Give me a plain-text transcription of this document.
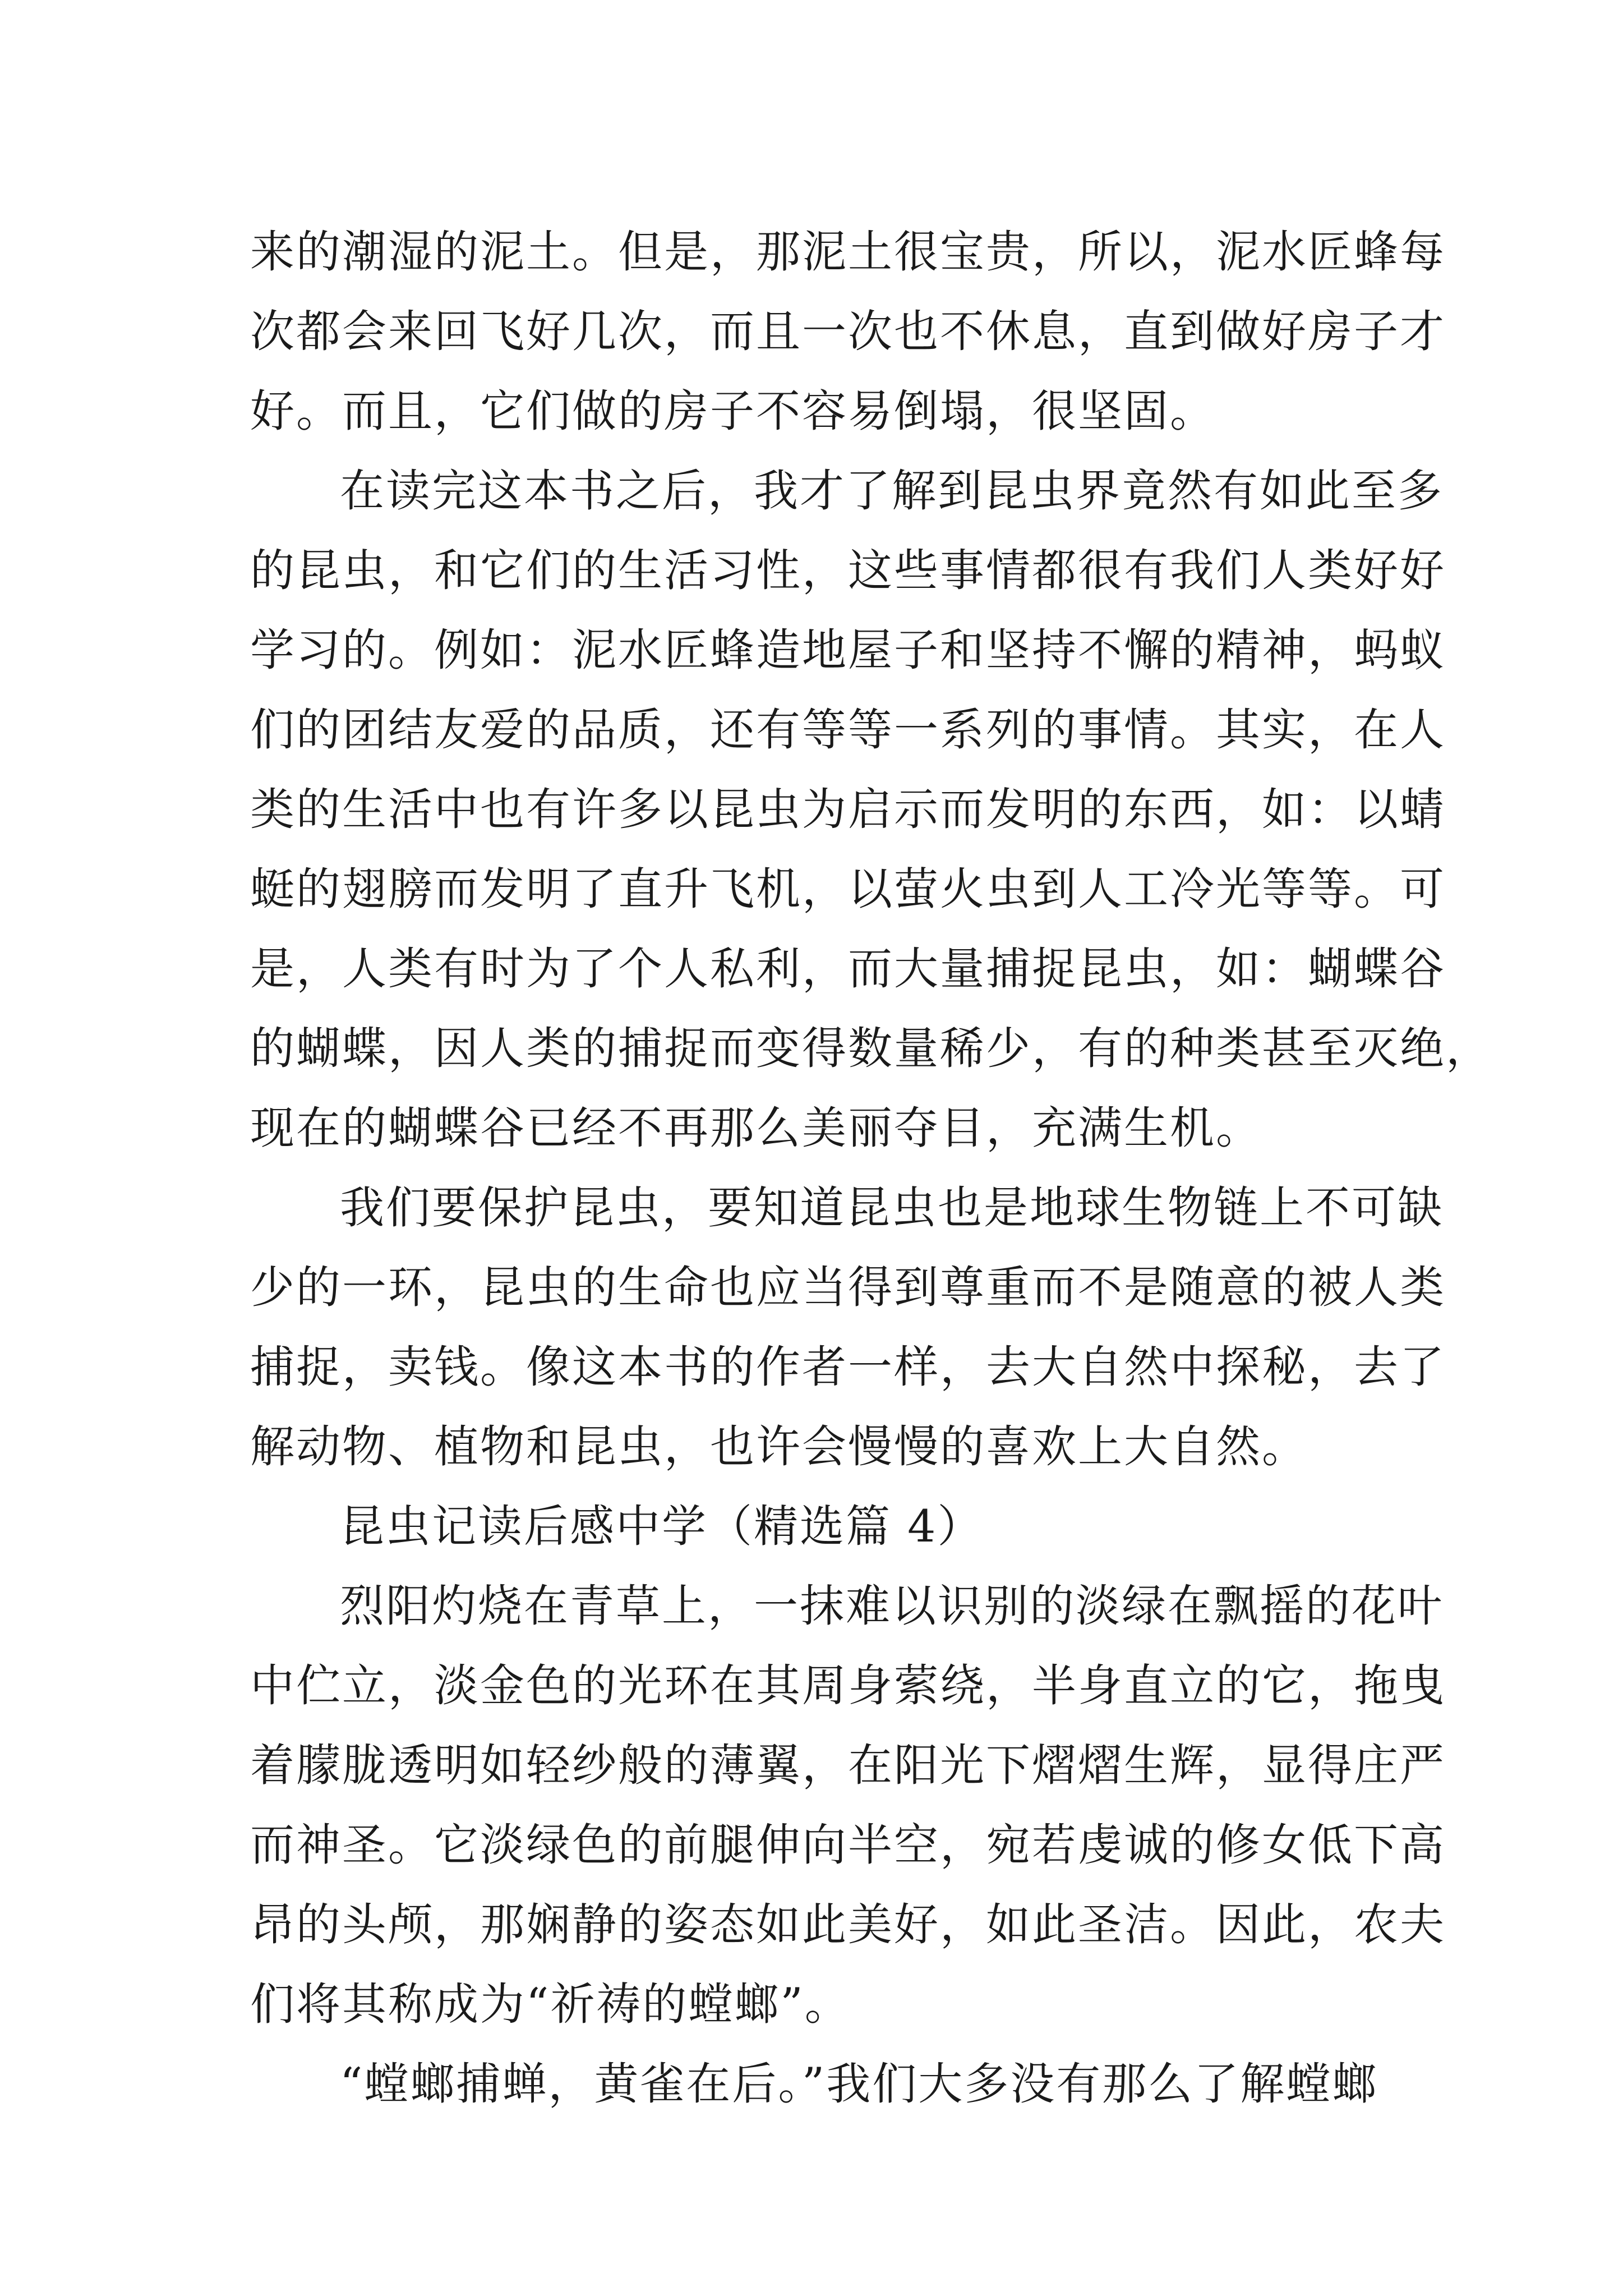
来的潮湿的泥土。但是，那泥土很宝贵，所以，泥水匠蜂每
次都会来回飞好几次，而且一次也不休息，直到做好房子才
好。而且，它们做的房子不容易倒塌，很坚固。
在读完这本书之后，我才了解到昆虫界竟然有如此至多
的昆虫，和它们的生活习性，这些事情都很有我们人类好好
学习的。例如：泥水匠蜂造地屋子和坚持不懈的精神，蚂蚁
们的团结友爱的品质，还有等等一系列的事情。其实，在人
类的生活中也有许多以昆虫为启示而发明的东西，如：以蜻
蜓的翅膀而发明了直升飞机，以萤火虫到人工冷光等等。可
是，人类有时为了个人私利，而大量捕捉昆虫，如：蝴蝶谷
的蝴蝶，因人类的捕捉而变得数量稀少，有的种类甚至灭绝，
现在的蝴蝶谷已经不再那么美丽夺目，充满生机。
我们要保护昆虫，要知道昆虫也是地球生物链上不可缺
少的一环，昆虫的生命也应当得到尊重而不是随意的被人类
捕捉，卖钱。像这本书的作者一样，去大自然中探秘，去了
解动物、植物和昆虫，也许会慢慢的喜欢上大自然。
昆虫记读后感中学（精选篇 4）
烈阳灼烧在青草上，一抹难以识别的淡绿在飘摇的花叶
中伫立，淡金色的光环在其周身萦绕，半身直立的它，拖曳
着朦胧透明如轻纱般的薄翼，在阳光下熠熠生辉，显得庄严
而神圣。它淡绿色的前腿伸向半空，宛若虔诚的修女低下高
昂的头颅，那娴静的姿态如此美好，如此圣洁。因此，农夫
们将其称成为“祈祷的螳螂”。
“螳螂捕蝉，黄雀在后。”我们大多没有那么了解螳螂
